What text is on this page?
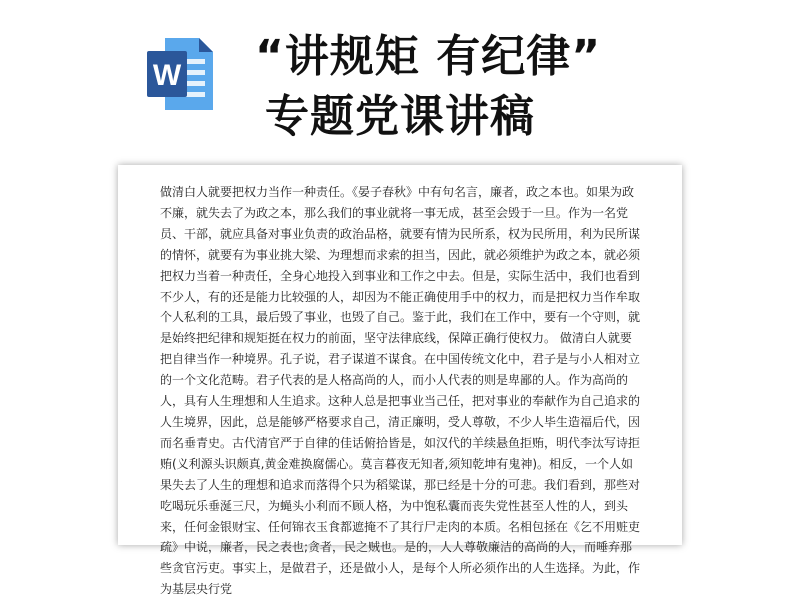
W “讲规矩 有纪律”
专题党课讲稿

做清白人就要把权力当作一种责任。《晏子春秋》中有句名言，廉者，政之本也。如果为政不廉，就失去了为政之本，那么我们的事业就将一事无成，甚至会毁于一旦。作为一名党员、干部，就应具备对事业负责的政治品格，就要有情为民所系，权为民所用，利为民所谋的情怀，就要有为事业挑大梁、为理想而求索的担当，因此，就必须维护为政之本，就必须把权力当着一种责任，全身心地投入到事业和工作之中去。但是，实际生活中，我们也看到不少人，有的还是能力比较强的人，却因为不能正确使用手中的权力，而是把权力当作牟取个人私利的工具，最后毁了事业，也毁了自己。鉴于此，我们在工作中，要有一个守则，就是始终把纪律和规矩挺在权力的前面，坚守法律底线，保障正确行使权力。 做清白人就要把自律当作一种境界。孔子说，君子谋道不谋食。在中国传统文化中，君子是与小人相对立的一个文化范畴。君子代表的是人格高尚的人，而小人代表的则是卑鄙的人。作为高尚的人，具有人生理想和人生追求。这种人总是把事业当己任，把对事业的奉献作为自己追求的人生境界，因此，总是能够严格要求自己，清正廉明，受人尊敬，不少人毕生造福后代，因而名垂青史。古代清官严于自律的佳话俯拾皆是，如汉代的羊续悬鱼拒贿，明代李汰写诗拒贿(义利源头识颇真,黄金难换腐儒心。莫言暮夜无知者,须知乾坤有鬼神)。相反，一个人如果失去了人生的理想和追求而落得个只为稻粱谋，那已经是十分的可悲。我们看到，那些对吃喝玩乐垂涎三尺，为蝇头小利而不顾人格，为中饱私囊而丧失党性甚至人性的人，到头来，任何金银财宝、任何锦衣玉食都遮掩不了其行尸走肉的本质。名相包拯在《乞不用赃吏疏》中说，廉者，民之表也;贪者，民之贼也。是的，人人尊敬廉洁的高尚的人，而唾弃那些贪官污吏。事实上，是做君子，还是做小人，是每个人所必须作出的人生选择。为此，作为基层央行党
